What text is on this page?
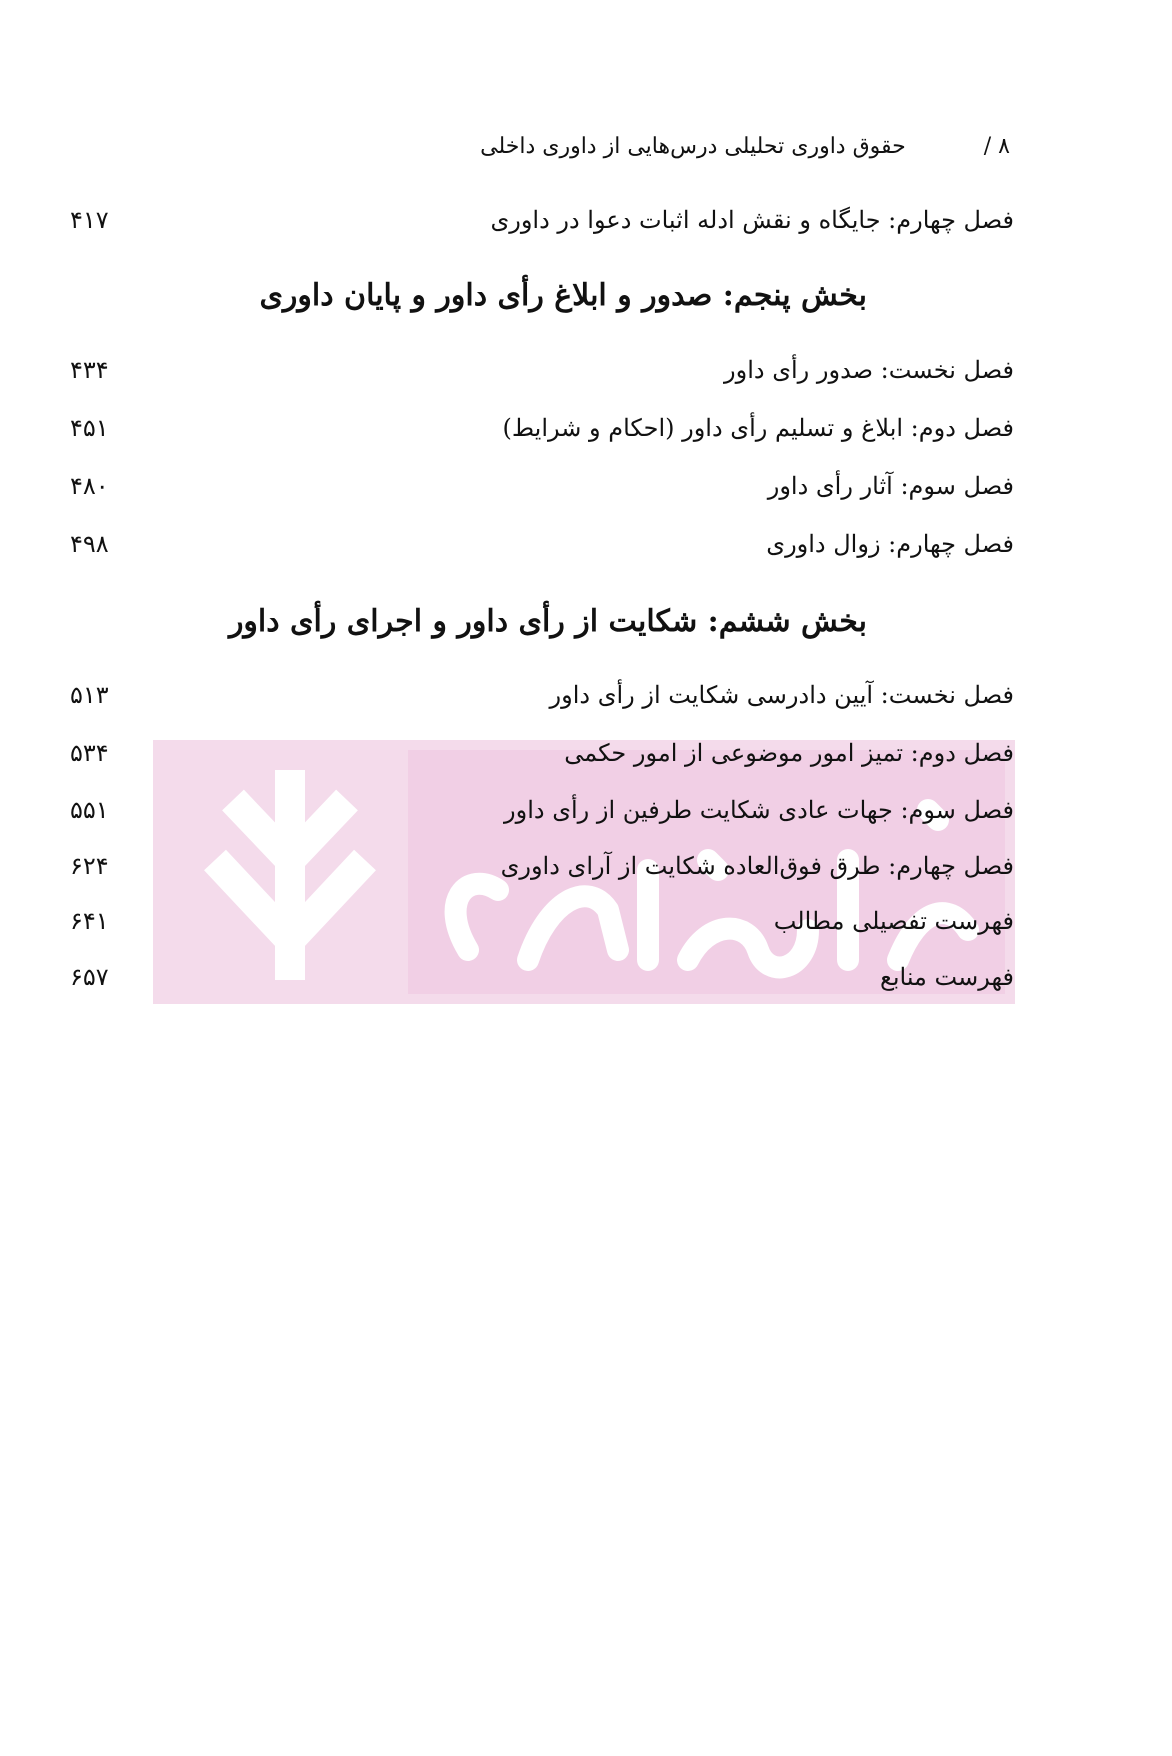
۸ /
حقوق داوری تحلیلی درس‌هایی از داوری داخلی
فصل چهارم: جایگاه و نقش ادله اثبات دعوا در داوری
۴۱۷
بخش پنجم: صدور و ابلاغ رأی داور و پایان داوری
فصل نخست: صدور رأی داور
۴۳۴
فصل دوم: ابلاغ و تسلیم رأی داور (احکام و شرایط)
۴۵۱
فصل سوم: آثار رأی داور
۴۸۰
فصل چهارم: زوال داوری
۴۹۸
بخش ششم: شکایت از رأی داور و اجرای رأی داور
فصل نخست: آیین دادرسی شکایت از رأی داور
۵۱۳
فصل دوم: تمیز امور موضوعی از امور حکمی
۵۳۴
فصل سوم: جهات عادی شکایت طرفین از رأی داور
۵۵۱
فصل چهارم: طرق فوق‌العاده شکایت از آرای داوری
۶۲۴
فهرست تفصیلی مطالب
۶۴۱
فهرست منابع
۶۵۷
